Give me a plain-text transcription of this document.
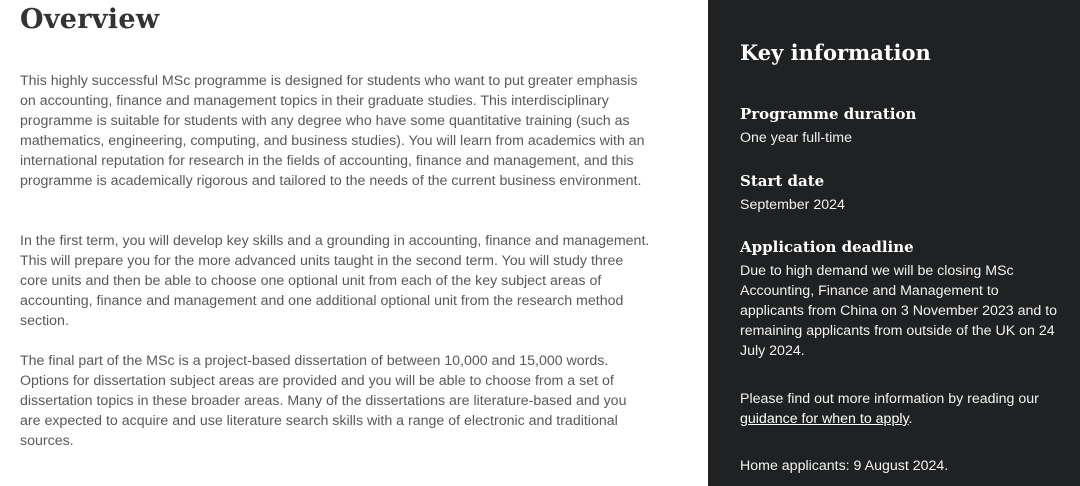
Overview

This highly successful MSc programme is designed for students who want to put greater emphasis on accounting, finance and management topics in their graduate studies. This interdisciplinary programme is suitable for students with any degree who have some quantitative training (such as mathematics, engineering, computing, and business studies). You will learn from academics with an international reputation for research in the fields of accounting, finance and management, and this programme is academically rigorous and tailored to the needs of the current business environment.

In the first term, you will develop key skills and a grounding in accounting, finance and management. This will prepare you for the more advanced units taught in the second term. You will study three core units and then be able to choose one optional unit from each of the key subject areas of accounting, finance and management and one additional optional unit from the research method section.

The final part of the MSc is a project-based dissertation of between 10,000 and 15,000 words. Options for dissertation subject areas are provided and you will be able to choose from a set of dissertation topics in these broader areas. Many of the dissertations are literature-based and you are expected to acquire and use literature search skills with a range of electronic and traditional sources.

Key information
Programme duration

One year full-time

Start date

September 2024

Application deadline

Due to high demand we will be closing MSc Accounting, Finance and Management to applicants from China on 3 November 2023 and to remaining applicants from outside of the UK on 24 July 2024.

Please find out more information by reading our guidance for when to apply.

Home applicants: 9 August 2024.
